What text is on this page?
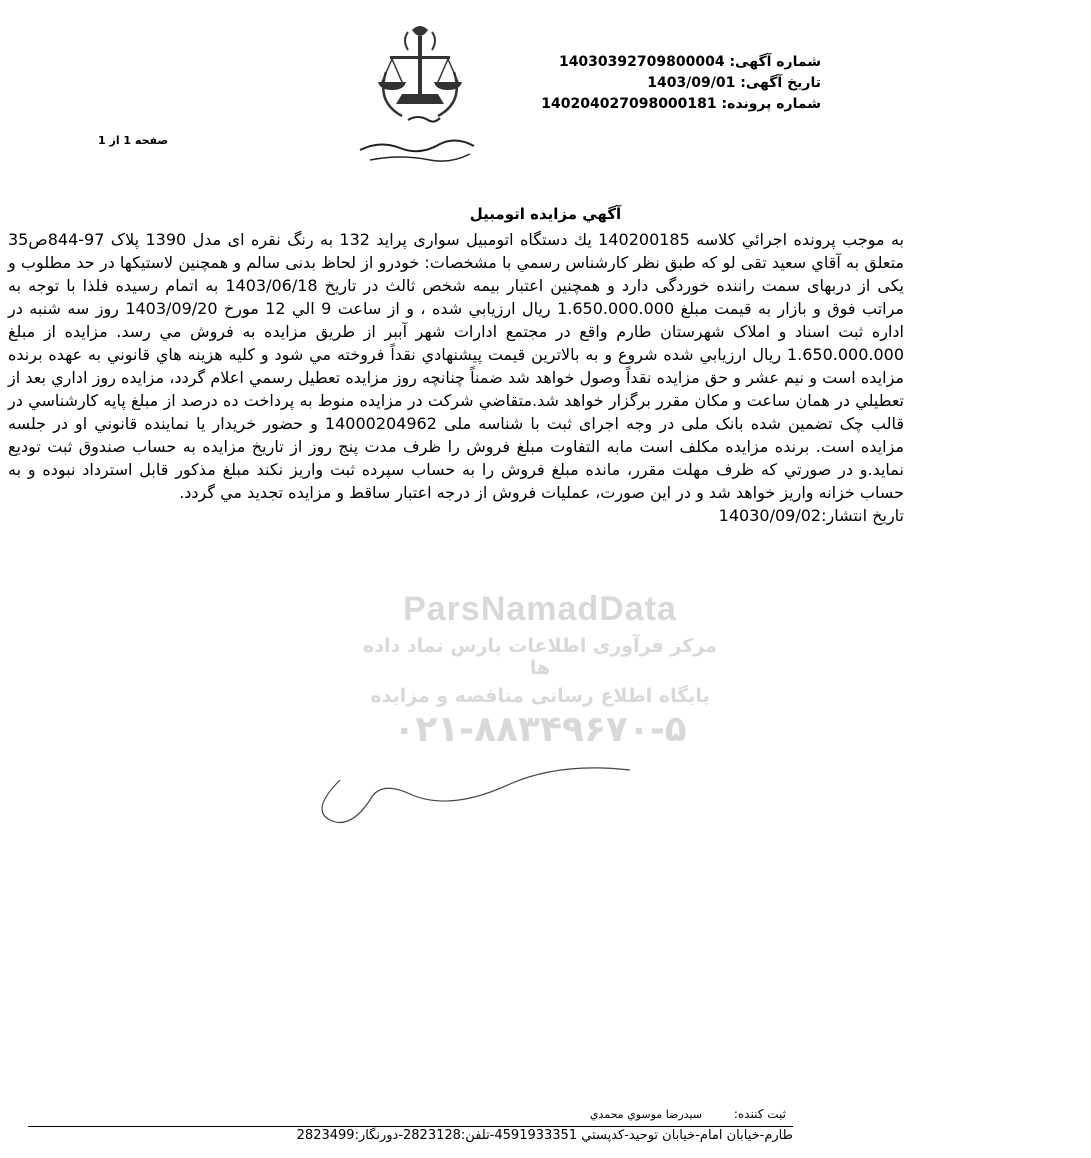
شماره آگهی: 14030392709800004
تاریخ آگهی: 1403/09/01
شماره پرونده: 140204027098000181
صفحه 1 از 1
آگهي مزايده اتومبيل

به موجب پرونده اجرائي كلاسه 140200185 يك دستگاه اتومبيل سواری پرايد 132 به رنگ نقره ای مدل 1390 پلاک 97-844ص35 متعلق به آقاي سعيد تقی لو كه طبق نظر كارشناس رسمي با مشخصات: خودرو از لحاظ بدنی سالم و همچنين لاستيكها در حد مطلوب و يكی از دربهای سمت راننده خوردگی دارد و همچنين اعتبار بيمه شخص ثالث در تاريخ 1403/06/18 به اتمام رسيده فلذا با توجه به مراتب فوق و بازار به قيمت مبلغ 1.650.000.000 ريال ارزيابي شده ، و از ساعت 9 الي 12 مورخ 1403/09/20 روز سه شنبه در اداره ثبت اسناد و املاک شهرستان طارم واقع در مجتمع ادارات شهر آببر از طريق مزايده به فروش مي رسد. مزايده از مبلغ 1.650.000.000 ريال ارزيابي شده شروع و به بالاترين قيمت پيشنهادي نقداً فروخته مي شود و كليه هزينه هاي قانوني به عهده برنده مزايده است و نيم عشر و حق مزايده نقداً وصول خواهد شد ضمناً چنانچه روز مزايده تعطيل رسمي اعلام گردد، مزايده روز اداري بعد از تعطيلي در همان ساعت و مكان مقرر برگزار خواهد شد.متقاضي شركت در مزايده منوط به پرداخت ده درصد از مبلغ پايه كارشناسي در قالب چک تضمين شده بانک ملی در وجه اجرای ثبت با شناسه ملی 14000204962 و حضور خريدار يا نماينده قانوني او در جلسه مزايده است. برنده مزايده مكلف است مابه التفاوت مبلغ فروش را ظرف مدت پنج روز از تاريخ مزايده به حساب صندوق ثبت توديع نمايد.و در صورتي كه ظرف مهلت مقرر، مانده مبلغ فروش را به حساب سپرده ثبت واريز نكند مبلغ مذكور قابل استرداد نبوده و به حساب خزانه واريز خواهد شد و در اين صورت، عمليات فروش از درجه اعتبار ساقط و مزايده تجديد مي گردد.

تاريخ انتشار:14030/09/02

ParsNamadData
مرکز فرآوری اطلاعات پارس نماد داده ها
پايگاه اطلاع رسانی مناقصه و مزايده
۰۲۱-۸۸۳۴۹۶۷۰-۵
ثبت كننده: سيدرضا موسوي محمدي
طارم-خيابان امام-خيابان توحيد-كدپستي 4591933351-تلفن:2823128-دورنگار:2823499
